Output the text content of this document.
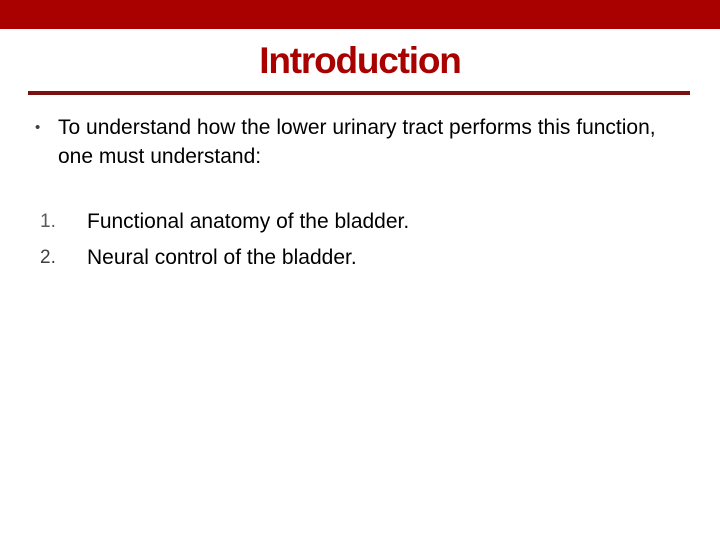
Introduction
• To understand how the lower urinary tract performs this function, one must understand:
1.	Functional anatomy of the bladder.
2.	Neural control of the bladder.
